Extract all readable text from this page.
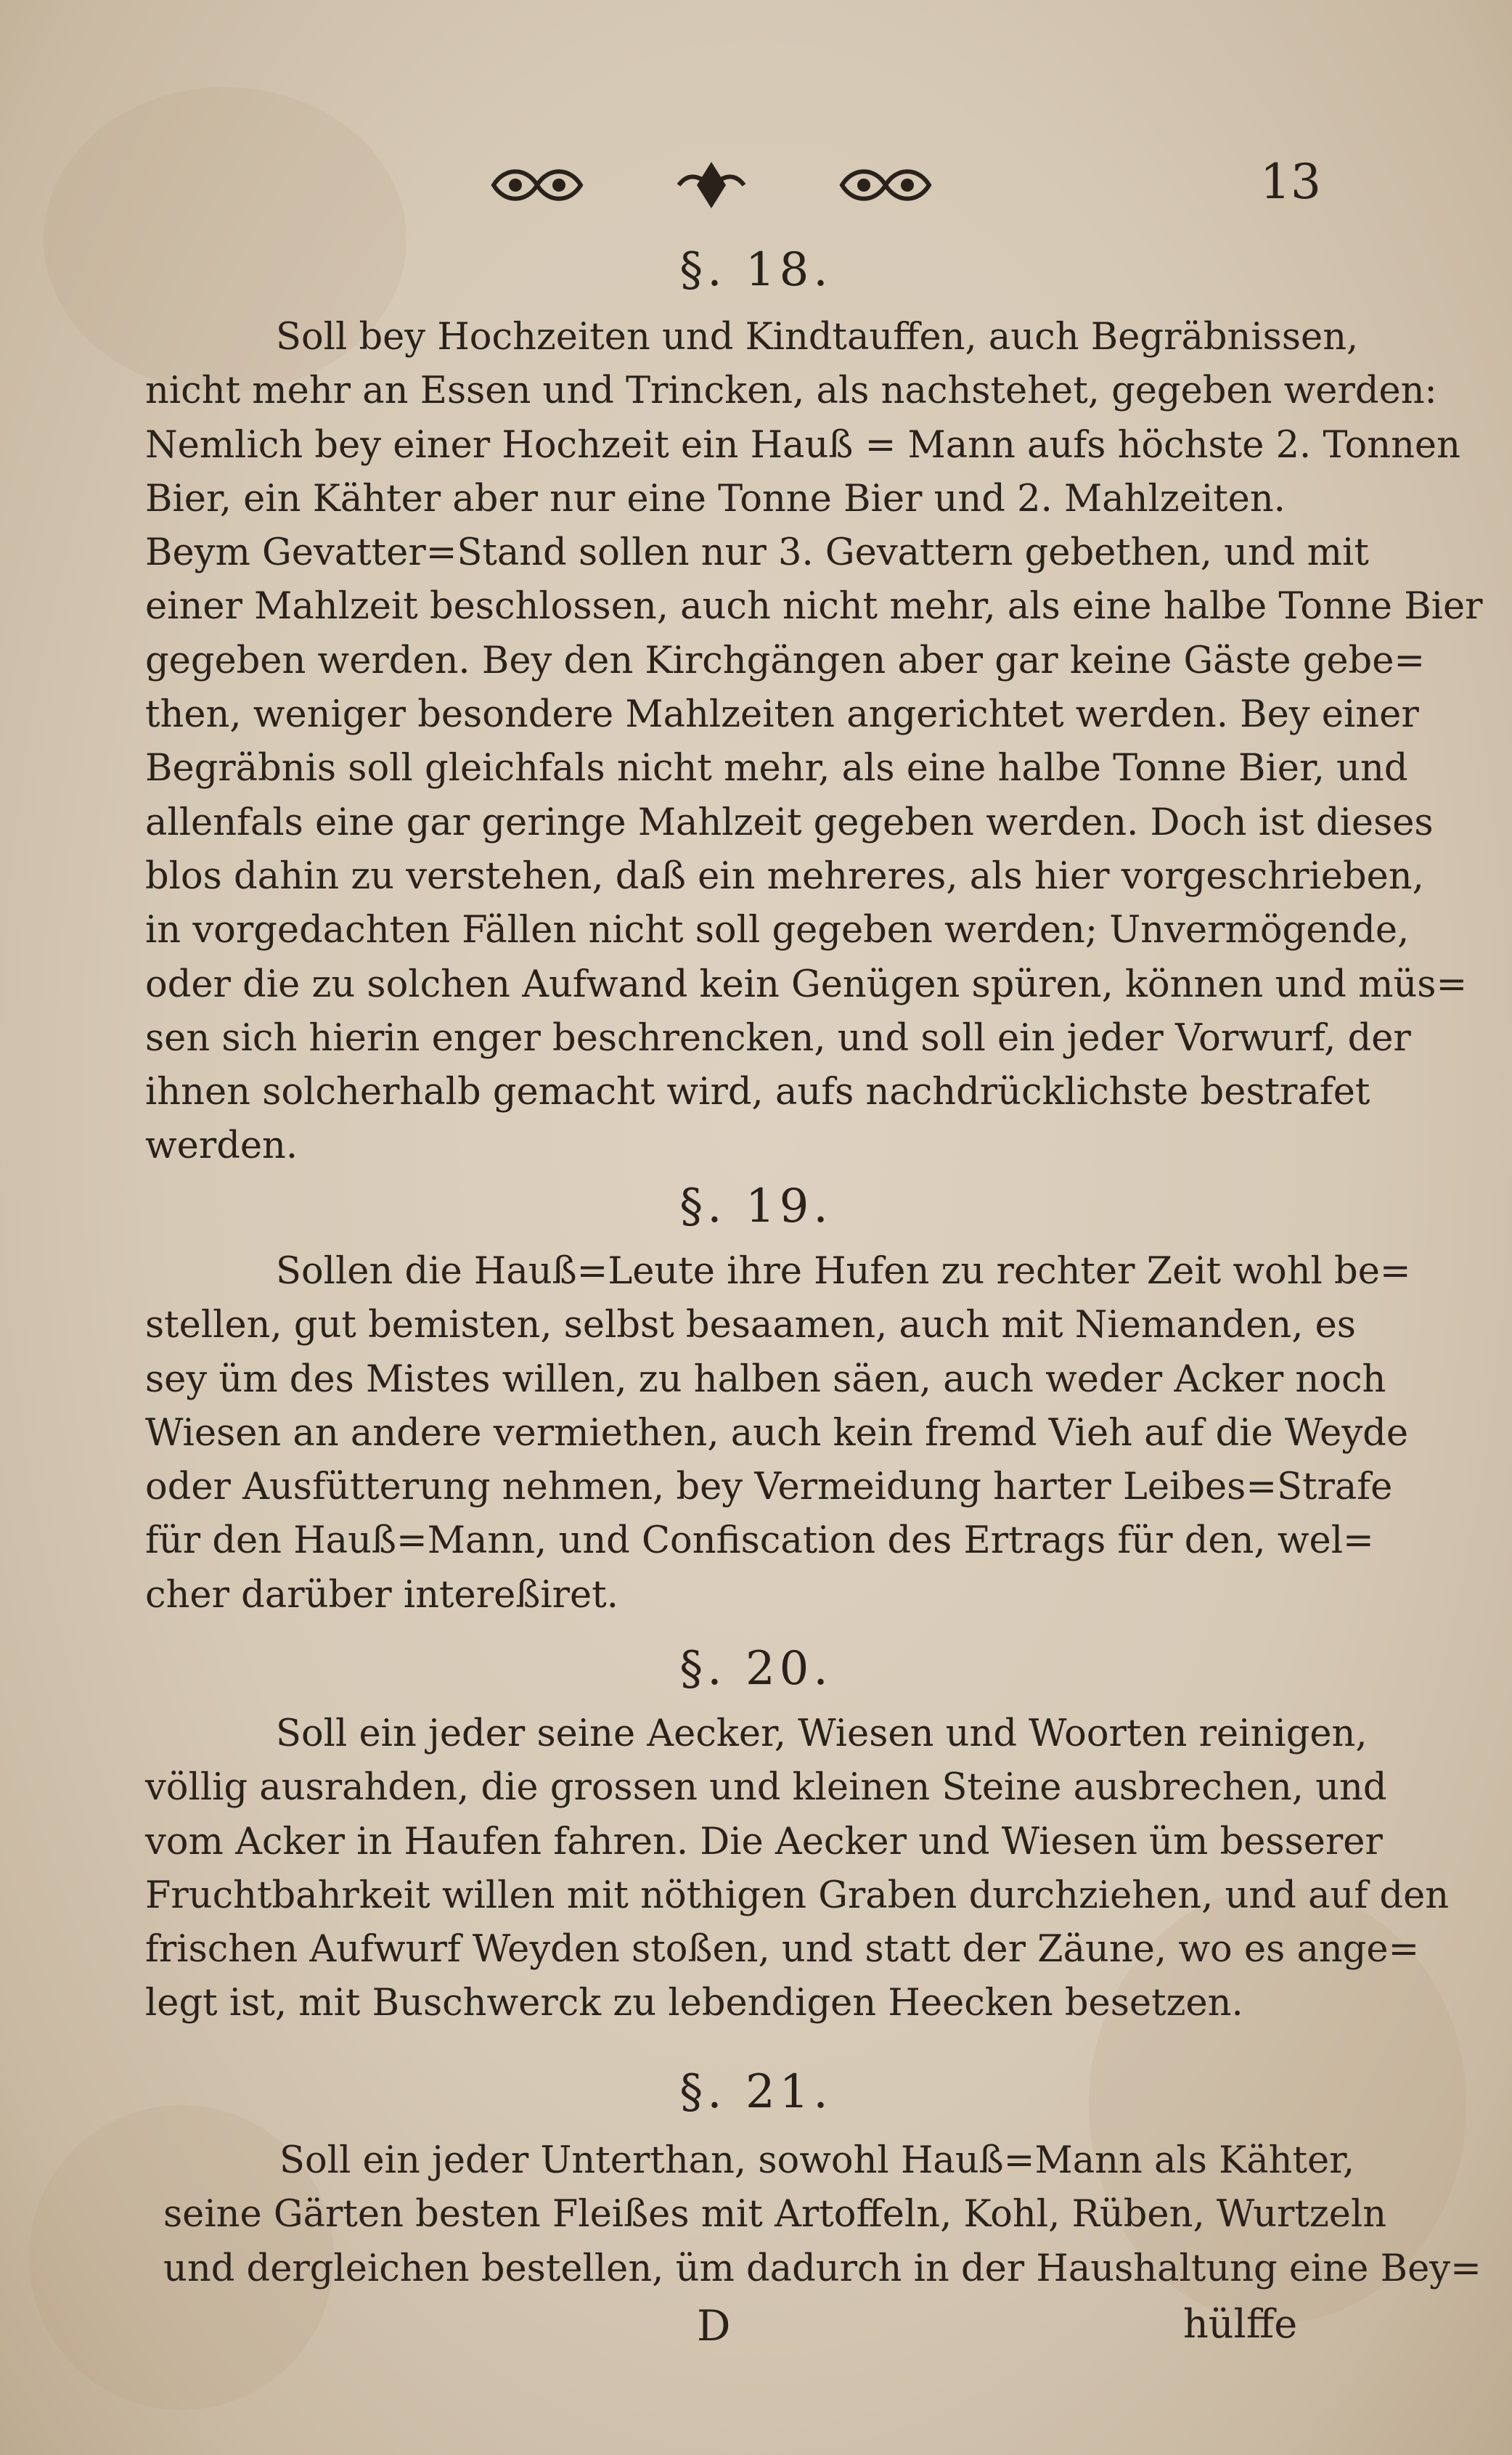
13
§. 18.
Soll bey Hochzeiten und Kindtauffen, auch Begräbnissen,
nicht mehr an Essen und Trincken, als nachstehet, gegeben werden:
Nemlich bey einer Hochzeit ein Hauß = Mann aufs höchste 2. Tonnen
Bier, ein Kähter aber nur eine Tonne Bier und 2. Mahlzeiten.
Beym Gevatter=Stand sollen nur 3. Gevattern gebethen, und mit
einer Mahlzeit beschlossen, auch nicht mehr, als eine halbe Tonne Bier
gegeben werden. Bey den Kirchgängen aber gar keine Gäste gebe=
then, weniger besondere Mahlzeiten angerichtet werden. Bey einer
Begräbnis soll gleichfals nicht mehr, als eine halbe Tonne Bier, und
allenfals eine gar geringe Mahlzeit gegeben werden. Doch ist dieses
blos dahin zu verstehen, daß ein mehreres, als hier vorgeschrieben,
in vorgedachten Fällen nicht soll gegeben werden; Unvermögende,
oder die zu solchen Aufwand kein Genügen spüren, können und müs=
sen sich hierin enger beschrencken, und soll ein jeder Vorwurf, der
ihnen solcherhalb gemacht wird, aufs nachdrücklichste bestrafet
werden.
§. 19.
Sollen die Hauß=Leute ihre Hufen zu rechter Zeit wohl be=
stellen, gut bemisten, selbst besaamen, auch mit Niemanden, es
sey üm des Mistes willen, zu halben säen, auch weder Acker noch
Wiesen an andere vermiethen, auch kein fremd Vieh auf die Weyde
oder Ausfütterung nehmen, bey Vermeidung harter Leibes=Strafe
für den Hauß=Mann, und Confiscation des Ertrags für den, wel=
cher darüber intereßiret.
§. 20.
Soll ein jeder seine Aecker, Wiesen und Woorten reinigen,
völlig ausrahden, die grossen und kleinen Steine ausbrechen, und
vom Acker in Haufen fahren. Die Aecker und Wiesen üm besserer
Fruchtbahrkeit willen mit nöthigen Graben durchziehen, und auf den
frischen Aufwurf Weyden stoßen, und statt der Zäune, wo es ange=
legt ist, mit Buschwerck zu lebendigen Heecken besetzen.
§. 21.
Soll ein jeder Unterthan, sowohl Hauß=Mann als Kähter,
seine Gärten besten Fleißes mit Artoffeln, Kohl, Rüben, Wurtzeln
und dergleichen bestellen, üm dadurch in der Haushaltung eine Bey=
D	hülffe
